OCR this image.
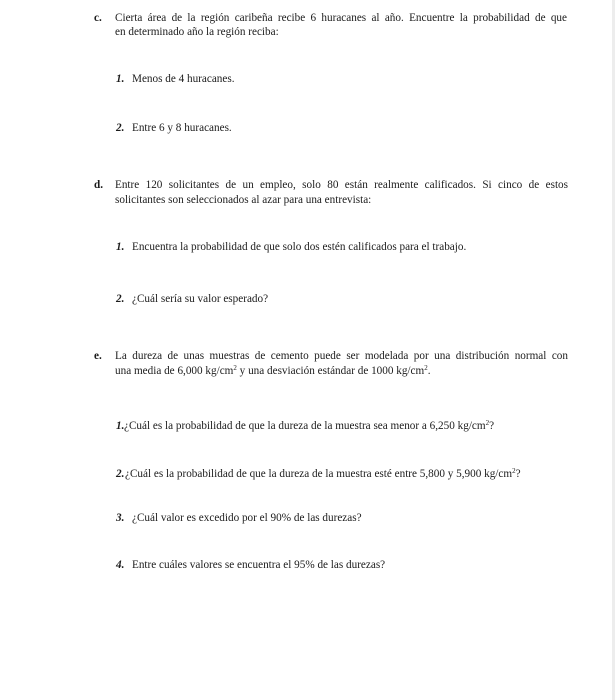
c. Cierta área de la región caribeña recibe 6 huracanes al año. Encuentre la probabilidad de que
en determinado año la región reciba:
1. Menos de 4 huracanes.
2. Entre 6 y 8 huracanes.
d. Entre 120 solicitantes de un empleo, solo 80 están realmente calificados. Si cinco de estos
solicitantes son seleccionados al azar para una entrevista:
1. Encuentra la probabilidad de que solo dos estén calificados para el trabajo.
2. ¿Cuál sería su valor esperado?
e. La dureza de unas muestras de cemento puede ser modelada por una distribución normal con
una media de 6,000 $kg/cm^2$ y una desviación estándar de 1000 $kg/cm^2$.
1. ¿Cuál es la probabilidad de que la dureza de la muestra sea menor a 6,250 $kg/cm^2$?
2. ¿Cuál es la probabilidad de que la dureza de la muestra esté entre 5,800 y 5,900 $kg/cm^2$?
3. ¿Cuál valor es excedido por el 90% de las durezas?
4. Entre cuáles valores se encuentra el 95% de las durezas?
